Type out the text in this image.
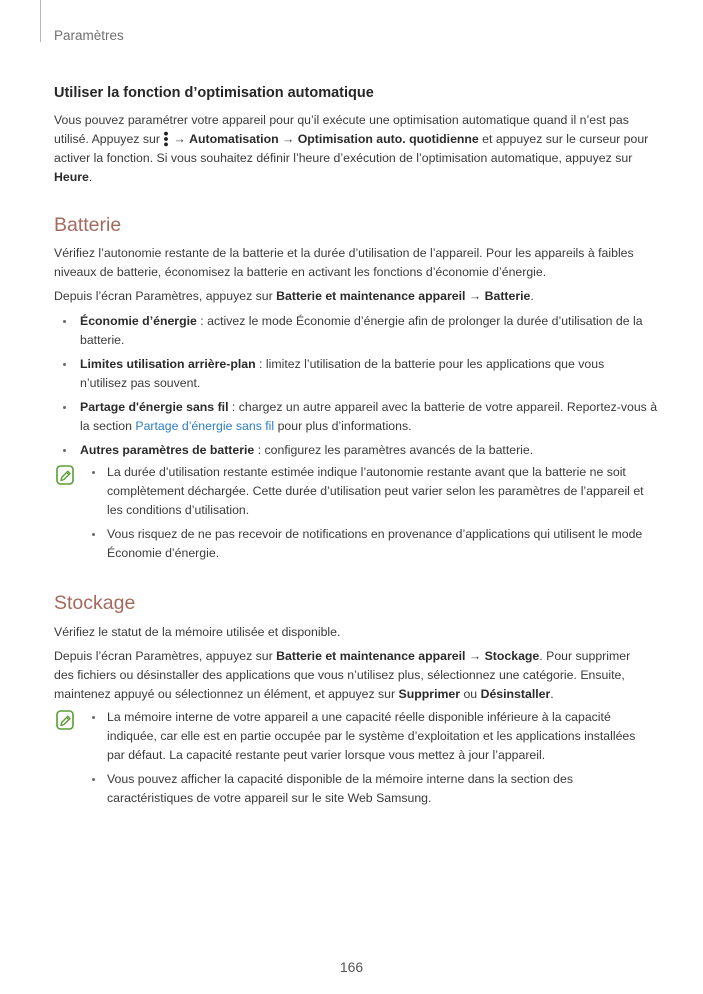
Paramètres
Utiliser la fonction d’optimisation automatique

Vous pouvez paramétrer votre appareil pour qu’il exécute une optimisation automatique quand il n’est pas
utilisé. Appuyez sur → Automatisation → Optimisation auto. quotidienne et appuyez sur le curseur pour
activer la fonction. Si vous souhaitez définir l’heure d’exécution de l’optimisation automatique, appuyez sur
Heure.

Batterie

Vérifiez l’autonomie restante de la batterie et la durée d’utilisation de l’appareil. Pour les appareils à faibles
niveaux de batterie, économisez la batterie en activant les fonctions d’économie d’énergie.

Depuis l’écran Paramètres, appuyez sur Batterie et maintenance appareil → Batterie.

Économie d’énergie : activez le mode Économie d’énergie afin de prolonger la durée d’utilisation de la
batterie.
Limites utilisation arrière-plan : limitez l’utilisation de la batterie pour les applications que vous
n’utilisez pas souvent.
Partage d'énergie sans fil : chargez un autre appareil avec la batterie de votre appareil. Reportez-vous à
la section Partage d’énergie sans fil pour plus d’informations.
Autres paramètres de batterie : configurez les paramètres avancés de la batterie.
La durée d’utilisation restante estimée indique l’autonomie restante avant que la batterie ne soit
complètement déchargée. Cette durée d’utilisation peut varier selon les paramètres de l’appareil et
les conditions d’utilisation.
Vous risquez de ne pas recevoir de notifications en provenance d’applications qui utilisent le mode
Économie d’énergie.
Stockage

Vérifiez le statut de la mémoire utilisée et disponible.

Depuis l’écran Paramètres, appuyez sur Batterie et maintenance appareil → Stockage. Pour supprimer
des fichiers ou désinstaller des applications que vous n’utilisez plus, sélectionnez une catégorie. Ensuite,
maintenez appuyé ou sélectionnez un élément, et appuyez sur Supprimer ou Désinstaller.

La mémoire interne de votre appareil a une capacité réelle disponible inférieure à la capacité
indiquée, car elle est en partie occupée par le système d’exploitation et les applications installées
par défaut. La capacité restante peut varier lorsque vous mettez à jour l’appareil.
Vous pouvez afficher la capacité disponible de la mémoire interne dans la section des
caractéristiques de votre appareil sur le site Web Samsung.
166
